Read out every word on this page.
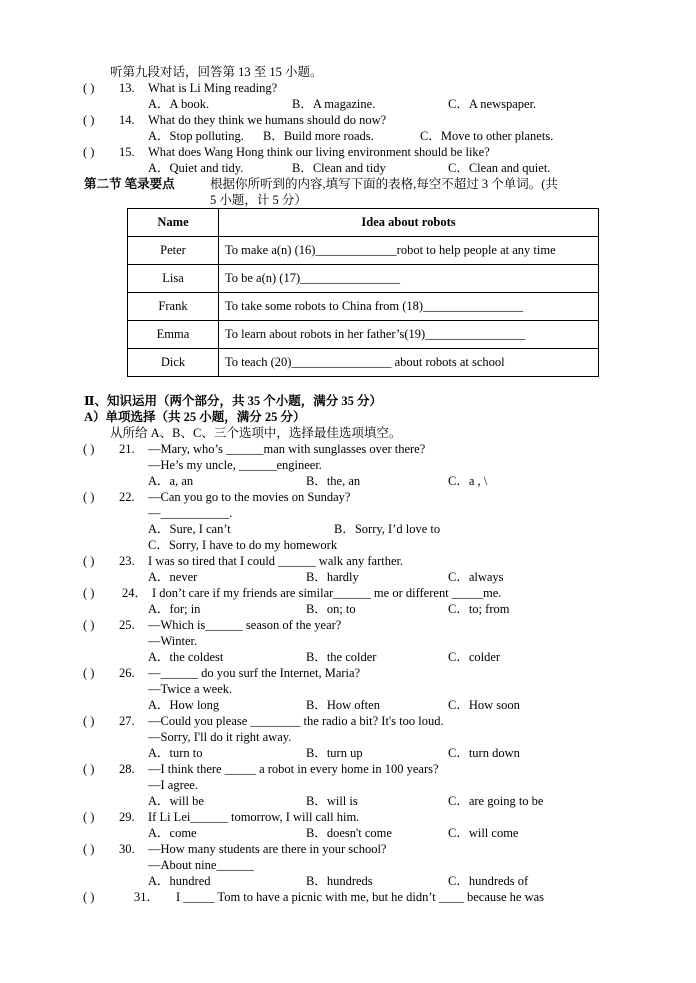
听第九段对话，回答第 13 至 15 小题。
( ) 13. What is Li Ming reading?
A．A book.	B．A magazine.	C．A newspaper.
( ) 14. What do they think we humans should do now?
A．Stop polluting. B．Build more roads.	C．Move to other planets.
( ) 15. What does Wang Hong think our living environment should be like?
A．Quiet and tidy.	B．Clean and tidy	C．Clean and quiet.
第二节 笔录要点	根据你所听到的内容,填写下面的表格,每空不超过 3 个单词。(共
5 小题，计 5 分）
Name	Idea about robots
Peter	To make a(n) (16)_____________robot to help people at any time
Lisa	To be a(n) (17)________________
Frank	To take some robots to China from (18)________________
Emma	To learn about robots in her father’s(19)________________
Dick	To teach (20)________________ about robots at school
Ⅱ、知识运用（两个部分，共 35 个小题，满分 35 分）
A）单项选择（共 25 小题，满分 25 分）
从所给 A、B、C、三个选项中，选择最佳选项填空。
( ) 21. —Mary, who’s ______man with sunglasses over there?
—He’s my uncle, ______engineer.
A．a, an	B．the, an	C．a , \
( ) 22. —Can you go to the movies on Sunday?
—___________.
A．Sure, I can’t	B．Sorry, I’d love to
C．Sorry, I have to do my homework
( ) 23. I was so tired that I could ______ walk any farther.
A．never	B．hardly	C．always
( ) 24． I don’t care if my friends are similar______ me or different _____me.
A．for; in	B．on; to	C．to; from
( ) 25. —Which is______ season of the year?
—Winter.
A．the coldest	B．the colder	C．colder
( ) 26. —______ do you surf the Internet, Maria?
—Twice a week.
A．How long	B．How often	C．How soon
( ) 27. —Could you please ________ the radio a bit? It's too loud.
—Sorry, I'll do it right away.
A．turn to	B．turn up	C．turn down
( ) 28. —I think there _____ a robot in every home in 100 years?
—I agree.
A．will be	B．will is	C．are going to be
( ) 29. If Li Lei______ tomorrow, I will call him.
A．come	B．doesn't come	C．will come
( ) 30. —How many students are there in your school?
—About nine______
A．hundred	B．hundreds	C．hundreds of
( )	31． I _____ Tom to have a picnic with me, but he didn’t ____ because he was
